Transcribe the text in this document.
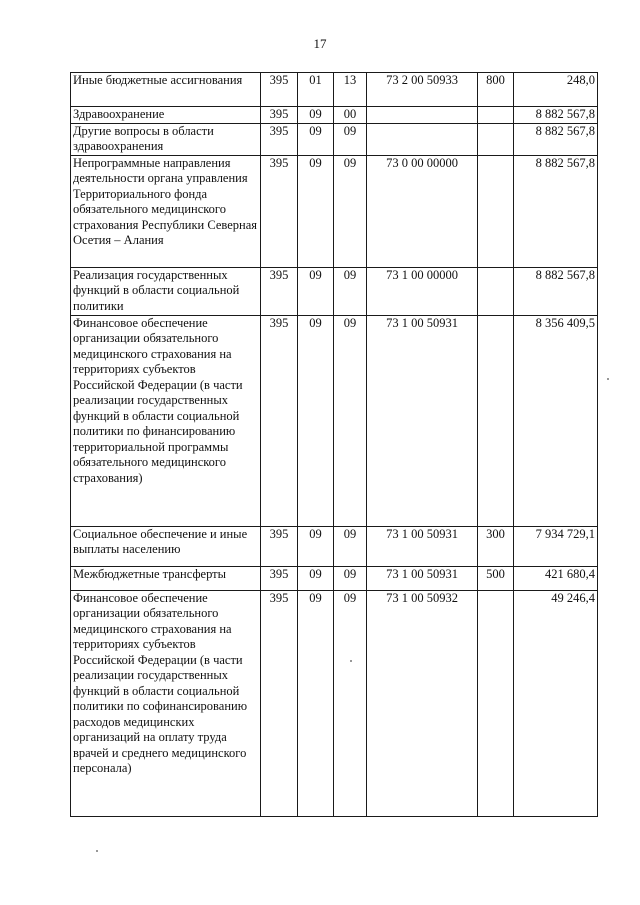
17
Иные бюджетные ассигнования	395	01	13	73 2 00 50933	800	248,0
Здравоохранение	395	09	00			8 882 567,8
Другие вопросы в области здравоохранения	395	09	09			8 882 567,8
Непрограммные направления деятельности органа управления Территориального фонда обязательного медицинского страхования Республики Северная Осетия – Алания	395	09	09	73 0 00 00000		8 882 567,8
Реализация государственных функций в области социальной политики	395	09	09	73 1 00 00000		8 882 567,8
Финансовое обеспечение организации обязательного медицинского страхования на территориях субъектов Российской Федерации (в части реализации государственных функций в области социальной политики по финансированию территориальной программы обязательного медицинского страхования)	395	09	09	73 1 00 50931		8 356 409,5
Социальное обеспечение и иные выплаты населению	395	09	09	73 1 00 50931	300	7 934 729,1
Межбюджетные трансферты	395	09	09	73 1 00 50931	500	421 680,4
Финансовое обеспечение организации обязательного медицинского страхования на территориях субъектов Российской Федерации (в части реализации государственных функций в области социальной политики по софинансированию расходов медицинских организаций на оплату труда врачей и среднего медицинского персонала)	395	09	09	73 1 00 50932		49 246,4
